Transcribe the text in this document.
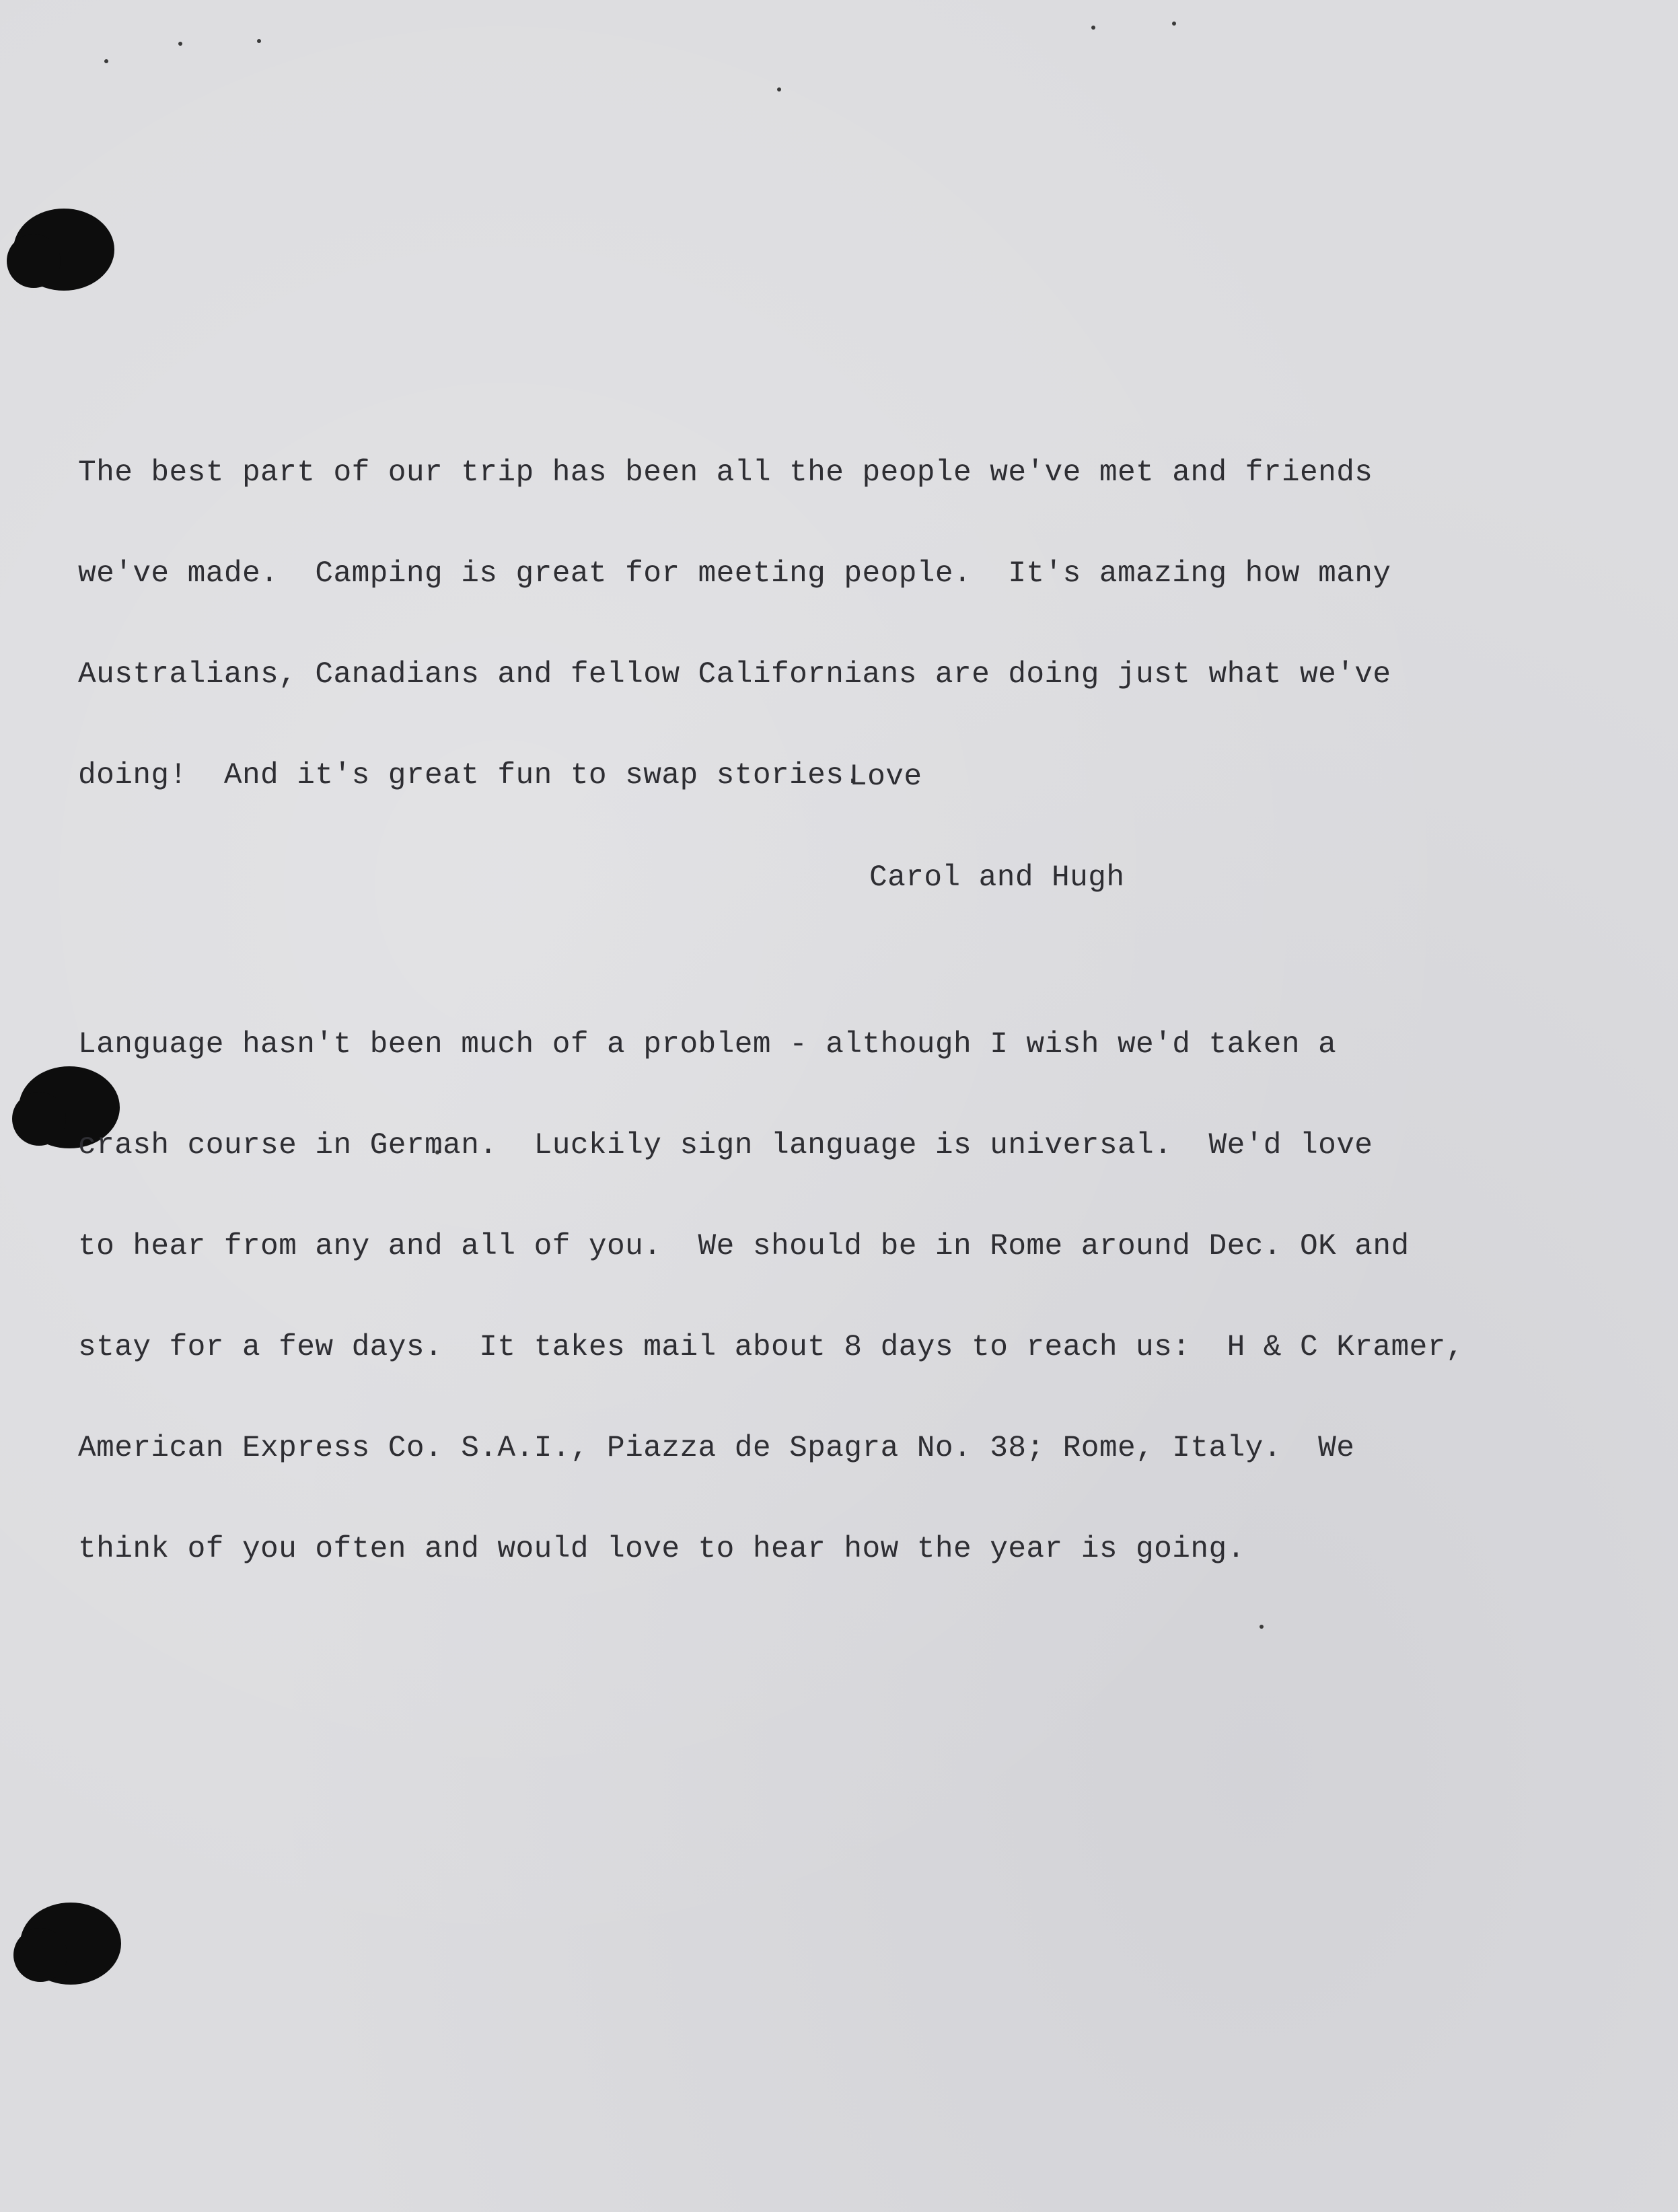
The best part of our trip has been all the people we've met and friends

we've made.  Camping is great for meeting people.  It's amazing how many

Australians, Canadians and fellow Californians are doing just what we've

doing!  And it's great fun to swap stories.

Language hasn't been much of a problem - although I wish we'd taken a

crash course in German.  Luckily sign language is universal.  We'd love

to hear from any and all of you.  We should be in Rome around Dec. OK and

stay for a few days.  It takes mail about 8 days to reach us:  H & C Kramer,

American Express Co. S.A.I., Piazza de Spagra No. 38; Rome, Italy.  We

think of you often and would love to hear how the year is going.

Love

Carol and Hugh
